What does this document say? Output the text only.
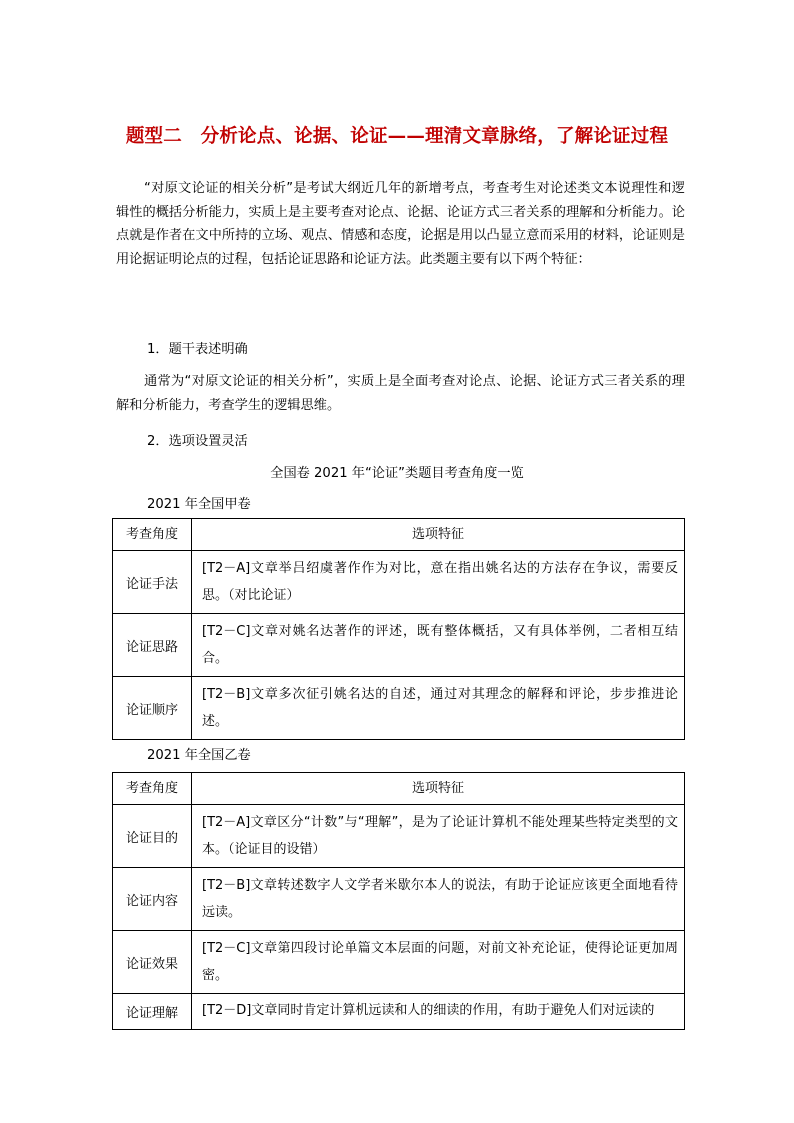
题型二　分析论点、论据、论证——理清文章脉络，了解论证过程
“对原文论证的相关分析”是考试大纲近几年的新增考点，考查考生对论述类文本说理性和逻辑性的概括分析能力，实质上是主要考查对论点、论据、论证方式三者关系的理解和分析能力。论点就是作者在文中所持的立场、观点、情感和态度，论据是用以凸显立意而采用的材料，论证则是用论据证明论点的过程，包括论证思路和论证方法。此类题主要有以下两个特征：
1．题干表述明确
通常为“对原文论证的相关分析”，实质上是全面考查对论点、论据、论证方式三者关系的理解和分析能力，考查学生的逻辑思维。
2．选项设置灵活
全国卷 2021 年“论证”类题目考查角度一览
2021 年全国甲卷
考查角度	选项特征
论证手法	[T2－A]文章举吕绍虞著作作为对比，意在指出姚名达的方法存在争议，需要反思。（对比论证）
论证思路	[T2－C]文章对姚名达著作的评述，既有整体概括，又有具体举例，二者相互结合。
论证顺序	[T2－B]文章多次征引姚名达的自述，通过对其理念的解释和评论，步步推进论述。
2021 年全国乙卷
考查角度	选项特征
论证目的	[T2－A]文章区分“计数”与“理解”，是为了论证计算机不能处理某些特定类型的文本。（论证目的设错）
论证内容	[T2－B]文章转述数字人文学者米歇尔本人的说法，有助于论证应该更全面地看待远读。
论证效果	[T2－C]文章第四段讨论单篇文本层面的问题，对前文补充论证，使得论证更加周密。
论证理解	[T2－D]文章同时肯定计算机远读和人的细读的作用，有助于避免人们对远读的
